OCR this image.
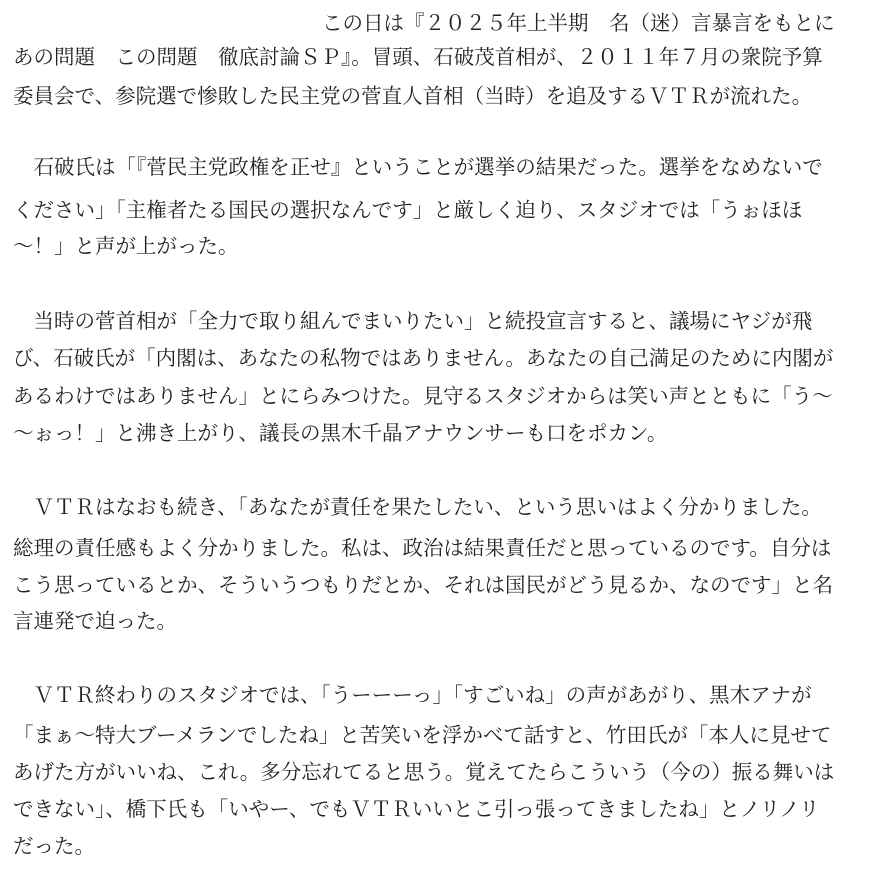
この日は『２０２５年上半期　名（迷）言暴言をもとに
あの問題　この問題　徹底討論ＳＰ』。冒頭、石破茂首相が、２０１１年７月の衆院予算
委員会で、参院選で惨敗した民主党の菅直人首相（当時）を追及するＶＴＲが流れた。
　石破氏は「『菅民主党政権を正せ』ということが選挙の結果だった。選挙をなめないで
ください」「主権者たる国民の選択なんです」と厳しく迫り、スタジオでは「うぉほほ
～！」と声が上がった。
　当時の菅首相が「全力で取り組んでまいりたい」と続投宣言すると、議場にヤジが飛
び、石破氏が「内閣は、あなたの私物ではありません。あなたの自己満足のために内閣が
あるわけではありません」とにらみつけた。見守るスタジオからは笑い声とともに「う～
～ぉっ！」と沸き上がり、議長の黒木千晶アナウンサーも口をポカン。
　ＶＴＲはなおも続き、「あなたが責任を果たしたい、という思いはよく分かりました。
総理の責任感もよく分かりました。私は、政治は結果責任だと思っているのです。自分は
こう思っているとか、そういうつもりだとか、それは国民がどう見るか、なのです」と名
言連発で迫った。
　ＶＴＲ終わりのスタジオでは、「うーーーっ」「すごいね」の声があがり、黒木アナが
「まぁ～特大ブーメランでしたね」と苦笑いを浮かべて話すと、竹田氏が「本人に見せて
あげた方がいいね、これ。多分忘れてると思う。覚えてたらこういう（今の）振る舞いは
できない」、橋下氏も「いやー、でもＶＴＲいいとこ引っ張ってきましたね」とノリノリ
だった。
